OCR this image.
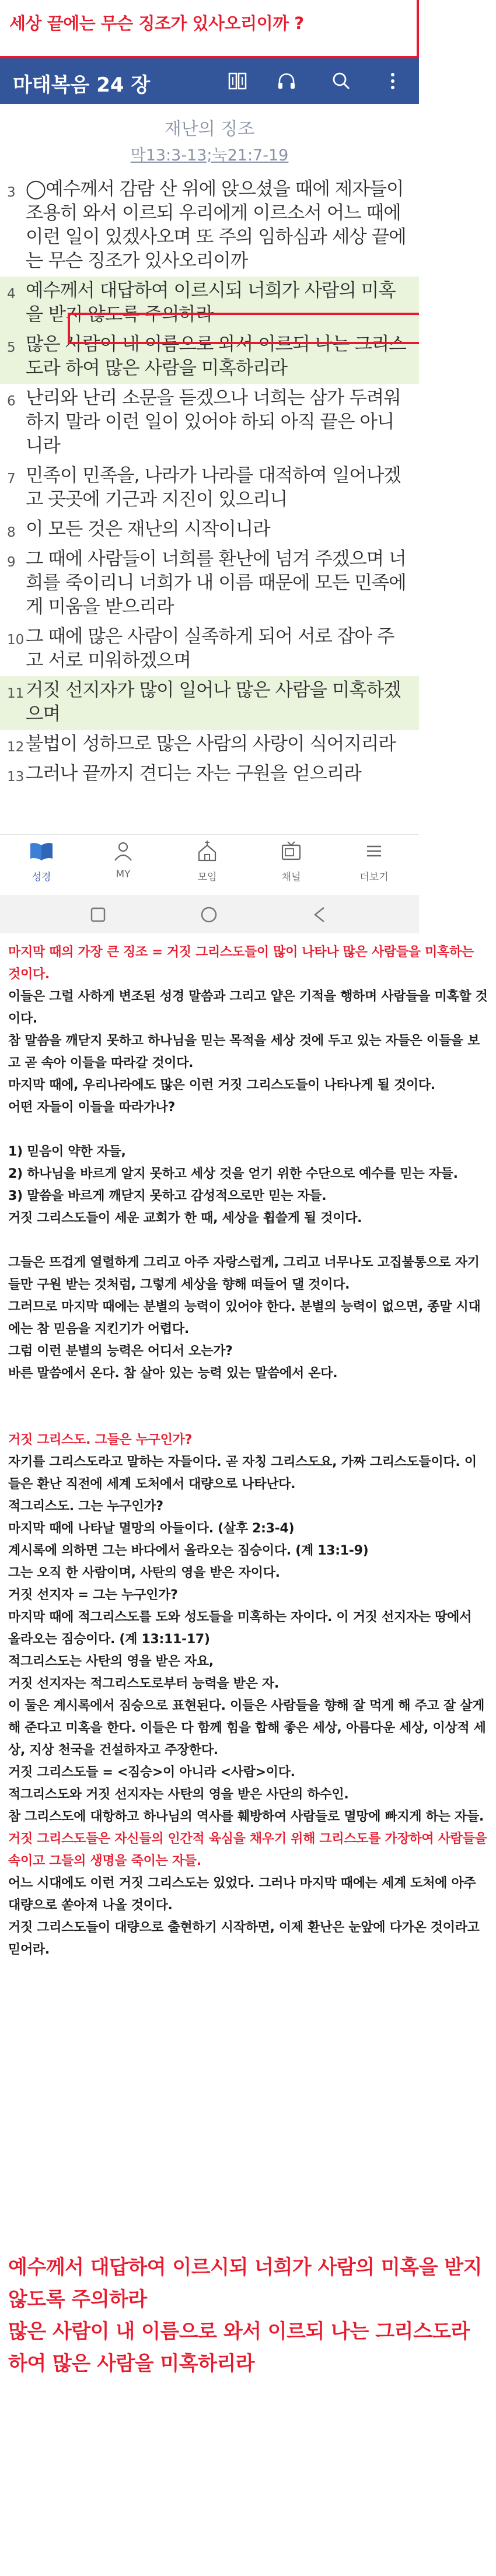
세상 끝에는 무슨 징조가 있사오리이까 ?
마태복음 24 장
재난의 징조
막13:3-13;눅21:7-19
3 ◯예수께서 감람 산 위에 앉으셨을 때에 제자들이 조용히 와서 이르되 우리에게 이르소서 어느 때에 이런 일이 있겠사오며 또 주의 임하심과 세상 끝에는 무슨 징조가 있사오리이까
4 예수께서 대답하여 이르시되 너희가 사람의 미혹을 받지 않도록 주의하라
5 많은 사람이 내 이름으로 와서 이르되 나는 그리스도라 하여 많은 사람을 미혹하리라
6 난리와 난리 소문을 듣겠으나 너희는 삼가 두려워하지 말라 이런 일이 있어야 하되 아직 끝은 아니니라
7 민족이 민족을, 나라가 나라를 대적하여 일어나겠고 곳곳에 기근과 지진이 있으리니
8 이 모든 것은 재난의 시작이니라
9 그 때에 사람들이 너희를 환난에 넘겨 주겠으며 너희를 죽이리니 너희가 내 이름 때문에 모든 민족에게 미움을 받으리라
10 그 때에 많은 사람이 실족하게 되어 서로 잡아 주고 서로 미워하겠으며
11 거짓 선지자가 많이 일어나 많은 사람을 미혹하겠으며
12 불법이 성하므로 많은 사람의 사랑이 식어지리라
13 그러나 끝까지 견디는 자는 구원을 얻으리라
성경	MY	모임	채널	더보기

마지막 때의 가장 큰 징조 = 거짓 그리스도들이 많이 나타나 많은 사람들을 미혹하는 것이다.

이들은 그럴 사하게 변조된 성경 말씀과 그리고 얕은 기적을 행하며 사람들을 미혹할 것이다.

참 말씀을 깨닫지 못하고 하나님을 믿는 목적을 세상 것에 두고 있는 자들은 이들을 보고 곧 속아 이들을 따라갈 것이다.

마지막 때에, 우리나라에도 많은 이런 거짓 그리스도들이 나타나게 될 것이다.

어떤 자들이 이들을 따라가나?

1) 믿음이 약한 자들,

2) 하나님을 바르게 알지 못하고 세상 것을 얻기 위한 수단으로 예수를 믿는 자들.

3) 말씀을 바르게 깨닫지 못하고 감성적으로만 믿는 자들.

거짓 그리스도들이 세운 교회가 한 때, 세상을 휩쓸게 될 것이다.

그들은 뜨겁게 열렬하게 그리고 아주 자랑스럽게, 그리고 너무나도 고집불통으로 자기들만 구원 받는 것처럼, 그렇게 세상을 향해 떠들어 댈 것이다.

그러므로 마지막 때에는 분별의 능력이 있어야 한다. 분별의 능력이 없으면, 종말 시대에는 참 믿음을 지킨기가 어렵다.

그럼 이런 분별의 능력은 어디서 오는가?

바른 말씀에서 온다. 참 살아 있는 능력 있는 말씀에서 온다.

거짓 그리스도. 그들은 누구인가?

자기를 그리스도라고 말하는 자들이다. 곧 자칭 그리스도요, 가짜 그리스도들이다. 이들은 환난 직전에 세계 도처에서 대량으로 나타난다.

적그리스도. 그는 누구인가?

마지막 때에 나타날 멸망의 아들이다. (살후 2:3-4)

계시록에 의하면 그는 바다에서 올라오는 짐승이다. (계 13:1-9)

그는 오직 한 사람이며, 사탄의 영을 받은 자이다.

거짓 선지자 = 그는 누구인가?

마지막 때에 적그리스도를 도와 성도들을 미혹하는 자이다. 이 거짓 선지자는 땅에서 올라오는 짐승이다. (계 13:11-17)

적그리스도는 사탄의 영을 받은 자요,

거짓 선지자는 적그리스도로부터 능력을 받은 자.

이 둘은 계시록에서 짐승으로 표현된다. 이들은 사람들을 향해 잘 먹게 해 주고 잘 살게 해 준다고 미혹을 한다. 이들은 다 함께 힘을 합해 좋은 세상, 아름다운 세상, 이상적 세상, 지상 천국을 건설하자고 주장한다.

거짓 그리스도들 = <짐승>이 아니라 <사람>이다.

적그리스도와 거짓 선지자는 사탄의 영을 받은 사단의 하수인.

참 그리스도에 대항하고 하나님의 역사를 훼방하여 사람들로 멸망에 빠지게 하는 자들.

거짓 그리스도들은 자신들의 인간적 육심을 채우기 위해 그리스도를 가장하여 사람들을 속이고 그들의 생명을 죽이는 자들.

어느 시대에도 이런 거짓 그리스도는 있었다. 그러나 마지막 때에는 세계 도처에 아주 대량으로 쏟아져 나올 것이다.

거짓 그리스도들이 대량으로 출현하기 시작하면, 이제 환난은 눈앞에 다가온 것이라고 믿어라.

예수께서 대답하여 이르시되 너희가 사람의 미혹을 받지 않도록 주의하라

많은 사람이 내 이름으로 와서 이르되 나는 그리스도라 하여 많은 사람을 미혹하리라
